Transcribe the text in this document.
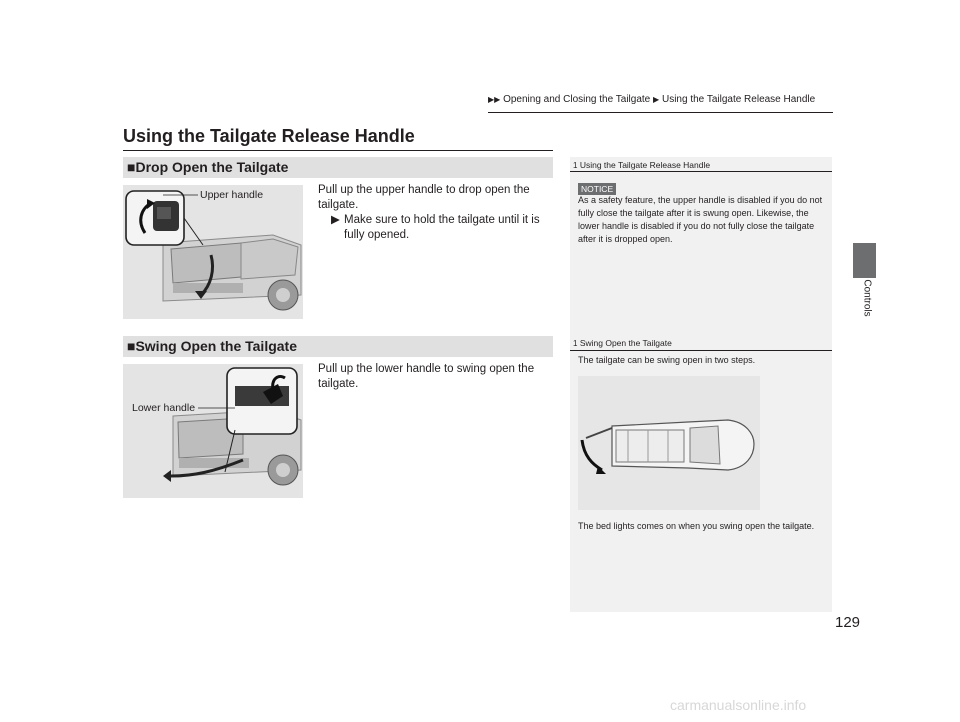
▶▶ Opening and Closing the Tailgate ▶ Using the Tailgate Release Handle
Controls
Using the Tailgate Release Handle
■Drop Open the Tailgate
Upper handle	Pull up the upper handle to drop open the tailgate.
▶ Make sure to hold the tailgate until it is fully opened.
■Swing Open the Tailgate
Lower handle
Pull up the lower handle to swing open the tailgate.
1 Using the Tailgate Release Handle
NOTICE
As a safety feature, the upper handle is disabled if you do not fully close the tailgate after it is swung open. Likewise, the lower handle is disabled if you do not fully close the tailgate after it is dropped open.
1 Swing Open the Tailgate
The tailgate can be swing open in two steps.
The bed lights comes on when you swing open the tailgate.
129
carmanualsonline.info
